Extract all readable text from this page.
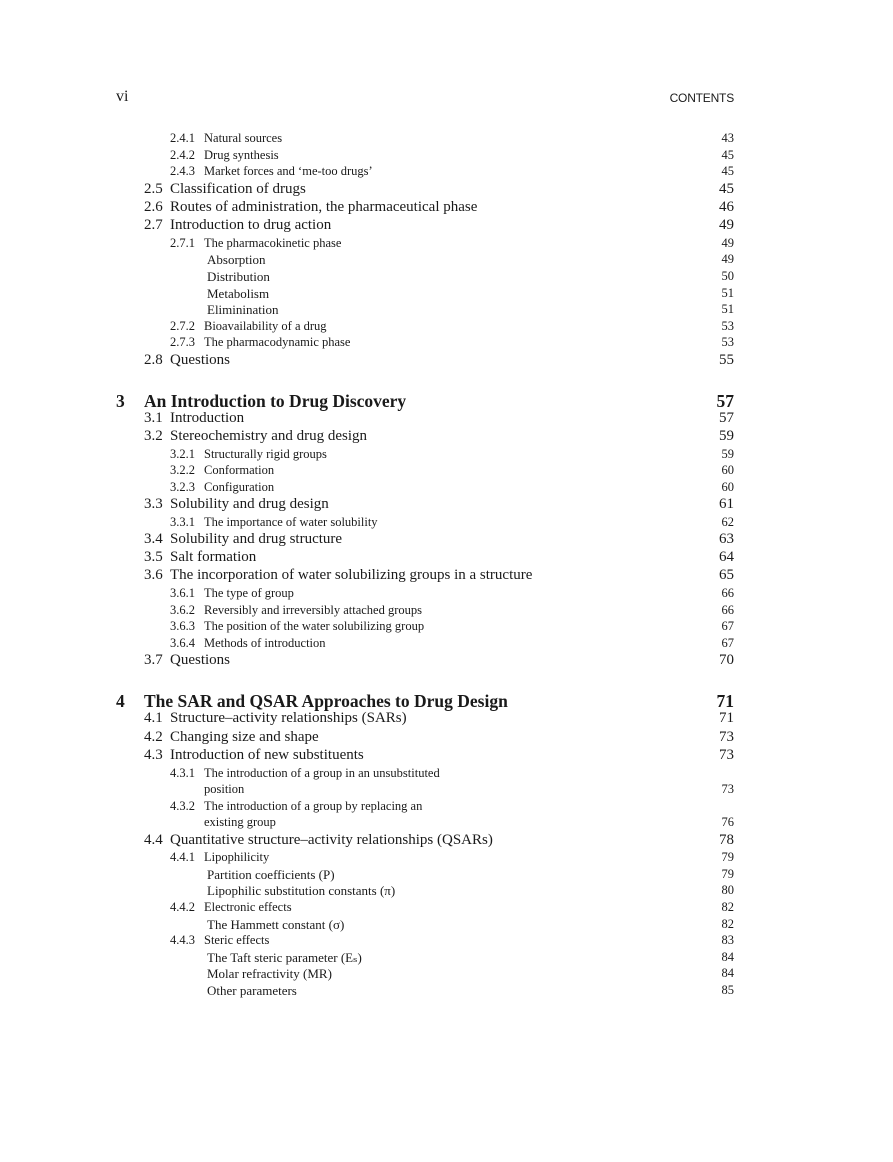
vi	CONTENTS
2.4.1 Natural sources	43
2.4.2 Drug synthesis	45
2.4.3 Market forces and ‘me-too drugs’	45
2.5 Classification of drugs	45
2.6 Routes of administration, the pharmaceutical phase	46
2.7 Introduction to drug action	49
2.7.1 The pharmacokinetic phase	49
Absorption	49
Distribution	50
Metabolism	51
Eliminination	51
2.7.2 Bioavailability of a drug	53
2.7.3 The pharmacodynamic phase	53
2.8 Questions	55
3 An Introduction to Drug Discovery	57
3.1 Introduction	57
3.2 Stereochemistry and drug design	59
3.2.1 Structurally rigid groups	59
3.2.2 Conformation	60
3.2.3 Configuration	60
3.3 Solubility and drug design	61
3.3.1 The importance of water solubility	62
3.4 Solubility and drug structure	63
3.5 Salt formation	64
3.6 The incorporation of water solubilizing groups in a structure	65
3.6.1 The type of group	66
3.6.2 Reversibly and irreversibly attached groups	66
3.6.3 The position of the water solubilizing group	67
3.6.4 Methods of introduction	67
3.7 Questions	70
4 The SAR and QSAR Approaches to Drug Design	71
4.1 Structure–activity relationships (SARs)	71
4.2 Changing size and shape	73
4.3 Introduction of new substituents	73
4.3.1 The introduction of a group in an unsubstituted
position	73
4.3.2 The introduction of a group by replacing an
existing group	76
4.4 Quantitative structure–activity relationships (QSARs)	78
4.4.1 Lipophilicity	79
Partition coefficients (P)	79
Lipophilic substitution constants (π)	80
4.4.2 Electronic effects	82
The Hammett constant (σ)	82
4.4.3 Steric effects	83
The Taft steric parameter (Eₛ)	84
Molar refractivity (MR)	84
Other parameters	85
